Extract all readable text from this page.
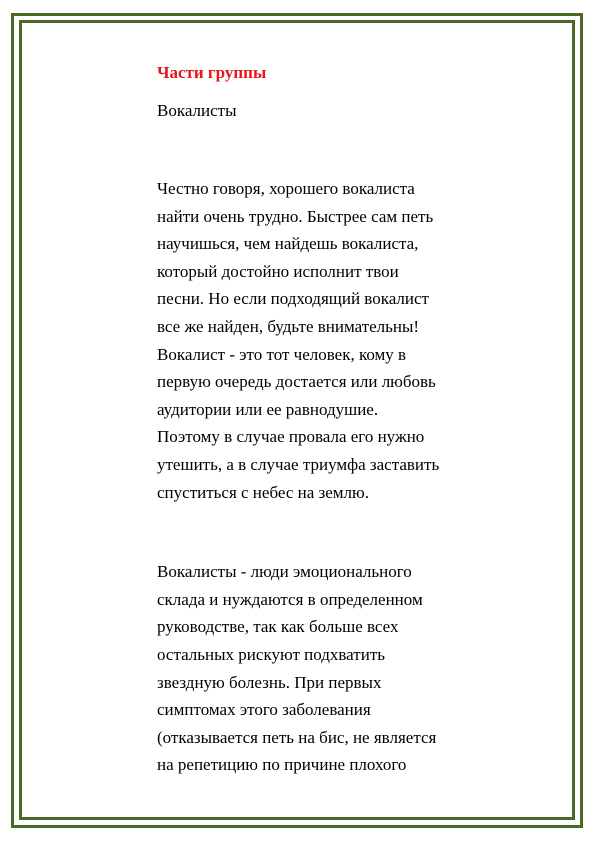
Части группы

Вокалисты

Честно говоря, хорошего вокалиста
найти очень трудно. Быстрее сам петь
научишься, чем найдешь вокалиста,
который достойно исполнит твои
песни. Но если подходящий вокалист
все же найден, будьте внимательны!
Вокалист - это тот человек, кому в
первую очередь достается или любовь
аудитории или ее равнодушие.
Поэтому в случае провала его нужно
утешить, а в случае триумфа заставить
спуститься с небес на землю.

Вокалисты - люди эмоционального
склада и нуждаются в определенном
руководстве, так как больше всех
остальных рискуют подхватить
звездную болезнь. При первых
симптомах этого заболевания
(отказывается петь на бис, не является
на репетицию по причине плохого
